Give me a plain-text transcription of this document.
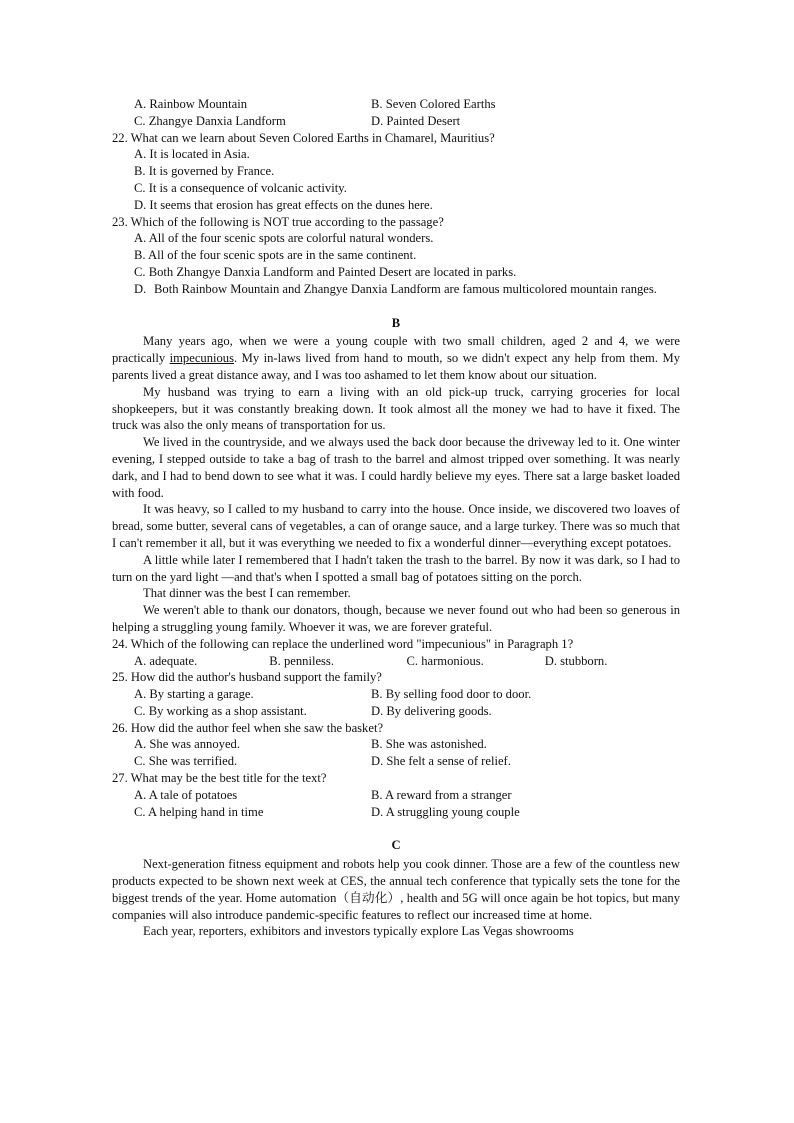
A. Rainbow Mountain	B. Seven Colored Earths
C. Zhangye Danxia Landform	D. Painted Desert
22. What can we learn about Seven Colored Earths in Chamarel, Mauritius?
A. It is located in Asia.
B. It is governed by France.
C. It is a consequence of volcanic activity.
D. It seems that erosion has great effects on the dunes here.
23. Which of the following is NOT true according to the passage?
A. All of the four scenic spots are colorful natural wonders.
B. All of the four scenic spots are in the same continent.
C. Both Zhangye Danxia Landform and Painted Desert are located in parks.
D. Both Rainbow Mountain and Zhangye Danxia Landform are famous multicolored mountain ranges.
B

Many years ago, when we were a young couple with two small children, aged 2 and 4, we were practically impecunious. My in-laws lived from hand to mouth, so we didn't expect any help from them. My parents lived a great distance away, and I was too ashamed to let them know about our situation.

My husband was trying to earn a living with an old pick-up truck, carrying groceries for local shopkeepers, but it was constantly breaking down. It took almost all the money we had to have it fixed. The truck was also the only means of transportation for us.

We lived in the countryside, and we always used the back door because the driveway led to it. One winter evening, I stepped outside to take a bag of trash to the barrel and almost tripped over something. It was nearly dark, and I had to bend down to see what it was. I could hardly believe my eyes. There sat a large basket loaded with food.

It was heavy, so I called to my husband to carry into the house. Once inside, we discovered two loaves of bread, some butter, several cans of vegetables, a can of orange sauce, and a large turkey. There was so much that I can't remember it all, but it was everything we needed to fix a wonderful dinner—everything except potatoes.

A little while later I remembered that I hadn't taken the trash to the barrel. By now it was dark, so I had to turn on the yard light —and that's when I spotted a small bag of potatoes sitting on the porch.

That dinner was the best I can remember.

We weren't able to thank our donators, though, because we never found out who had been so generous in helping a struggling young family. Whoever it was, we are forever grateful.

24. Which of the following can replace the underlined word "impecunious" in Paragraph 1?
A. adequate.	B. penniless.	C. harmonious.	D. stubborn.
25. How did the author's husband support the family?
A. By starting a garage.	B. By selling food door to door.
C. By working as a shop assistant.	D. By delivering goods.
26. How did the author feel when she saw the basket?
A. She was annoyed.	B. She was astonished.
C. She was terrified.	D. She felt a sense of relief.
27. What may be the best title for the text?
A. A tale of potatoes	B. A reward from a stranger
C. A helping hand in time	D. A struggling young couple
C

Next-generation fitness equipment and robots help you cook dinner. Those are a few of the countless new products expected to be shown next week at CES, the annual tech conference that typically sets the tone for the biggest trends of the year. Home automation（自动化）, health and 5G will once again be hot topics, but many companies will also introduce pandemic-specific features to reflect our increased time at home.

Each year, reporters, exhibitors and investors typically explore Las Vegas showrooms
